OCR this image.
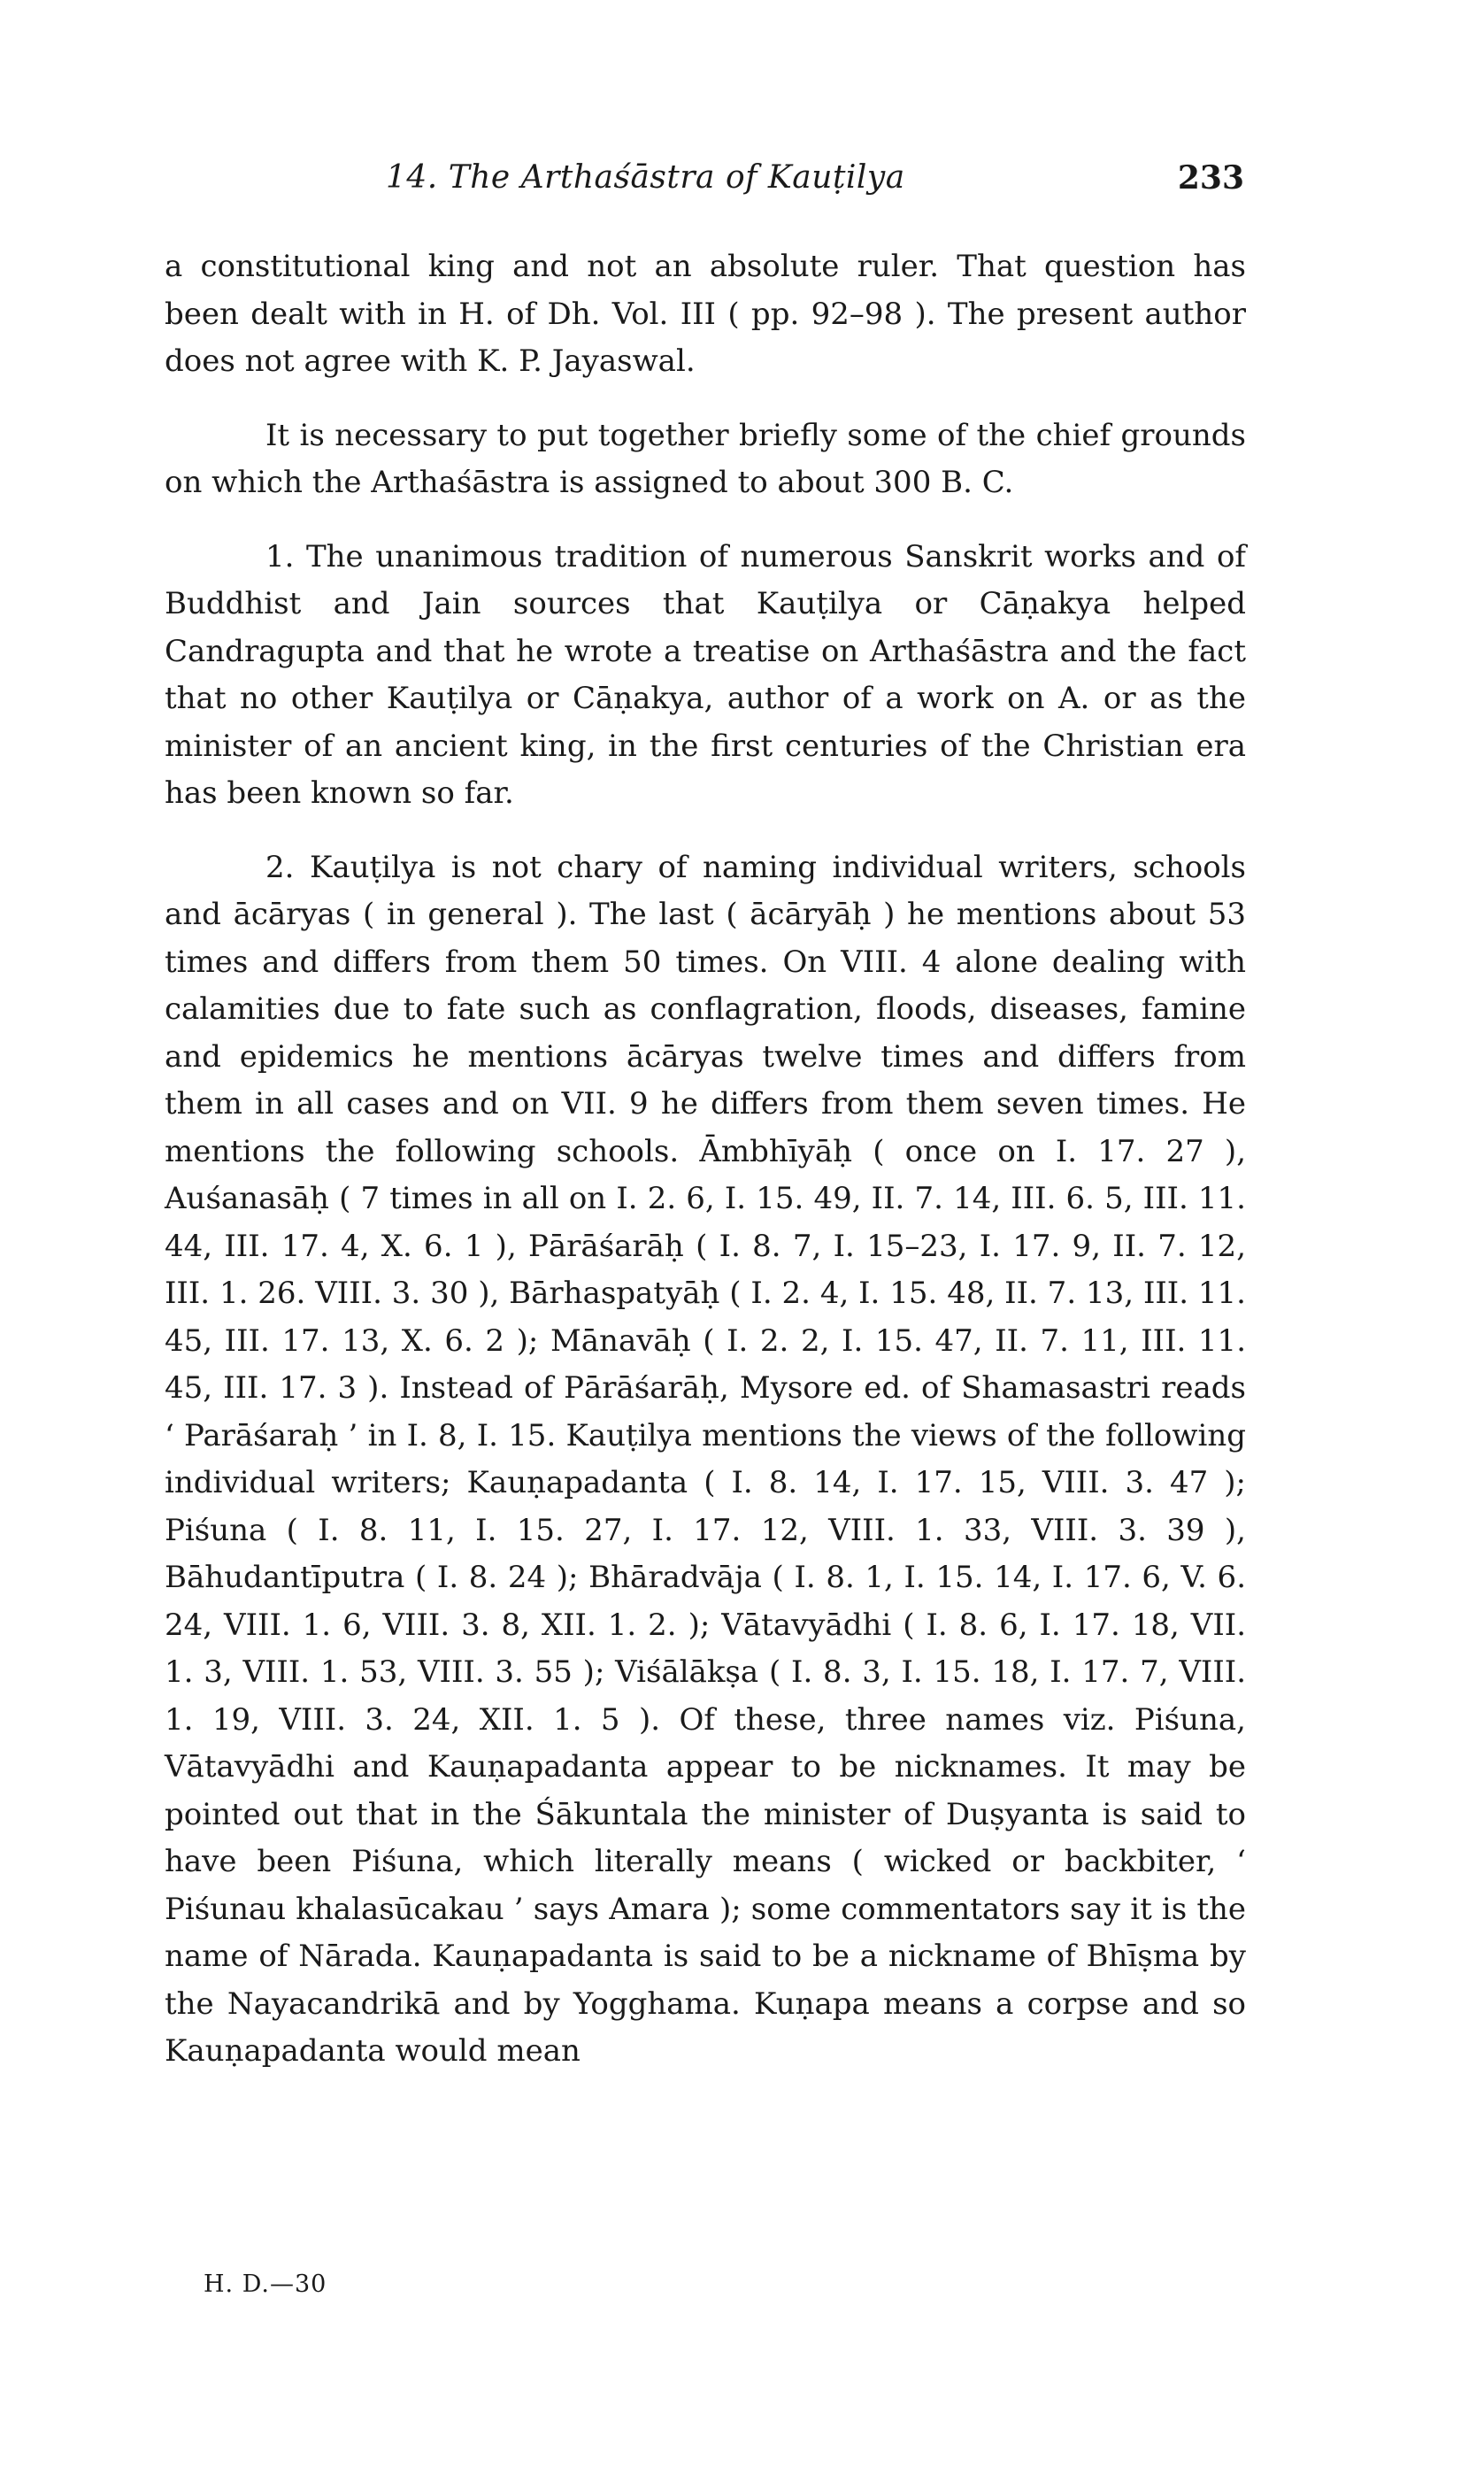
14. The Arthaśāstra of Kauṭilya	233

a constitutional king and not an absolute ruler. That question has been dealt with in H. of Dh. Vol. III ( pp. 92–98 ). The present author does not agree with K. P. Jayaswal.

It is necessary to put together briefly some of the chief grounds on which the Arthaśāstra is assigned to about 300 B. C.

1. The unanimous tradition of numerous Sanskrit works and of Buddhist and Jain sources that Kauṭilya or Cāṇakya helped Candragupta and that he wrote a treatise on Arthaśāstra and the fact that no other Kauṭilya or Cāṇakya, author of a work on A. or as the minister of an ancient king, in the first centuries of the Christian era has been known so far.

2. Kauṭilya is not chary of naming individual writers, schools and ācāryas ( in general ). The last ( ācāryāḥ ) he mentions about 53 times and differs from them 50 times. On VIII. 4 alone dealing with calamities due to fate such as conflagration, floods, diseases, famine and epidemics he mentions ācāryas twelve times and differs from them in all cases and on VII. 9 he differs from them seven times. He mentions the following schools. Āmbhīyāḥ ( once on I. 17. 27 ), Auśanasāḥ ( 7 times in all on I. 2. 6, I. 15. 49, II. 7. 14, III. 6. 5, III. 11. 44, III. 17. 4, X. 6. 1 ), Pārāśarāḥ ( I. 8. 7, I. 15–23, I. 17. 9, II. 7. 12, III. 1. 26. VIII. 3. 30 ), Bārhaspatyāḥ ( I. 2. 4, I. 15. 48, II. 7. 13, III. 11. 45, III. 17. 13, X. 6. 2 ); Mānavāḥ ( I. 2. 2, I. 15. 47, II. 7. 11, III. 11. 45, III. 17. 3 ). Instead of Pārāśarāḥ, Mysore ed. of Shamasastri reads ‘ Parāśaraḥ ’ in I. 8, I. 15. Kauṭilya mentions the views of the following individual writers; Kauṇapadanta ( I. 8. 14, I. 17. 15, VIII. 3. 47 ); Piśuna ( I. 8. 11, I. 15. 27, I. 17. 12, VIII. 1. 33, VIII. 3. 39 ), Bāhudantīputra ( I. 8. 24 ); Bhāradvāja ( I. 8. 1, I. 15. 14, I. 17. 6, V. 6. 24, VIII. 1. 6, VIII. 3. 8, XII. 1. 2. ); Vātavyādhi ( I. 8. 6, I. 17. 18, VII. 1. 3, VIII. 1. 53, VIII. 3. 55 ); Viśālākṣa ( I. 8. 3, I. 15. 18, I. 17. 7, VIII. 1. 19, VIII. 3. 24, XII. 1. 5 ). Of these, three names viz. Piśuna, Vātavyādhi and Kauṇapadanta appear to be nicknames. It may be pointed out that in the Śākuntala the minister of Duṣyanta is said to have been Piśuna, which literally means ( wicked or backbiter, ‘ Piśunau khalasūcakau ’ says Amara ); some commentators say it is the name of Nārada. Kauṇapadanta is said to be a nickname of Bhīṣma by the Nayacandrikā and by Yogghama. Kuṇapa means a corpse and so Kauṇapadanta would mean

H. D.—30
